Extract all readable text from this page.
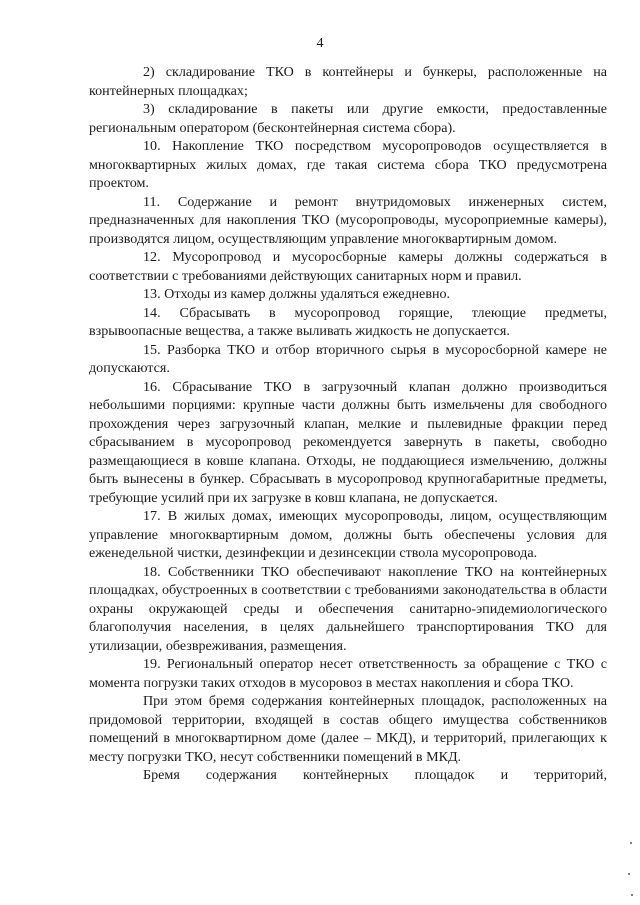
4

2) складирование ТКО в контейнеры и бункеры, расположенные на контейнерных площадках;

3) складирование в пакеты или другие емкости, предоставленные региональным оператором (бесконтейнерная система сбора).

10. Накопление ТКО посредством мусоропроводов осуществляется в многоквартирных жилых домах, где такая система сбора ТКО предусмотрена проектом.

11. Содержание и ремонт внутридомовых инженерных систем, предназначенных для накопления ТКО (мусоропроводы, мусороприемные камеры), производятся лицом, осуществляющим управление многоквартирным домом.

12. Мусоропровод и мусоросборные камеры должны содержаться в соответствии с требованиями действующих санитарных норм и правил.

13. Отходы из камер должны удаляться ежедневно.

14. Сбрасывать в мусоропровод горящие, тлеющие предметы, взрывоопасные вещества, а также выливать жидкость не допускается.

15. Разборка ТКО и отбор вторичного сырья в мусоросборной камере не допускаются.

16. Сбрасывание ТКО в загрузочный клапан должно производиться небольшими порциями: крупные части должны быть измельчены для свободного прохождения через загрузочный клапан, мелкие и пылевидные фракции перед сбрасыванием в мусоропровод рекомендуется завернуть в пакеты, свободно размещающиеся в ковше клапана. Отходы, не поддающиеся измельчению, должны быть вынесены в бункер. Сбрасывать в мусоропровод крупногабаритные предметы, требующие усилий при их загрузке в ковш клапана, не допускается.

17. В жилых домах, имеющих мусоропроводы, лицом, осуществляющим управление многоквартирным домом, должны быть обеспечены условия для еженедельной чистки, дезинфекции и дезинсекции ствола мусоропровода.

18. Собственники ТКО обеспечивают накопление ТКО на контейнерных площадках, обустроенных в соответствии с требованиями законодательства в области охраны окружающей среды и обеспечения санитарно-эпидемиологического благополучия населения, в целях дальнейшего транспортирования ТКО для утилизации, обезвреживания, размещения.

19. Региональный оператор несет ответственность за обращение с ТКО с момента погрузки таких отходов в мусоровоз в местах накопления и сбора ТКО.

При этом бремя содержания контейнерных площадок, расположенных на придомовой территории, входящей в состав общего имущества собственников помещений в многоквартирном доме (далее – МКД), и территорий, прилегающих к месту погрузки ТКО, несут собственники помещений в МКД.

Бремя содержания контейнерных площадок и территорий,
